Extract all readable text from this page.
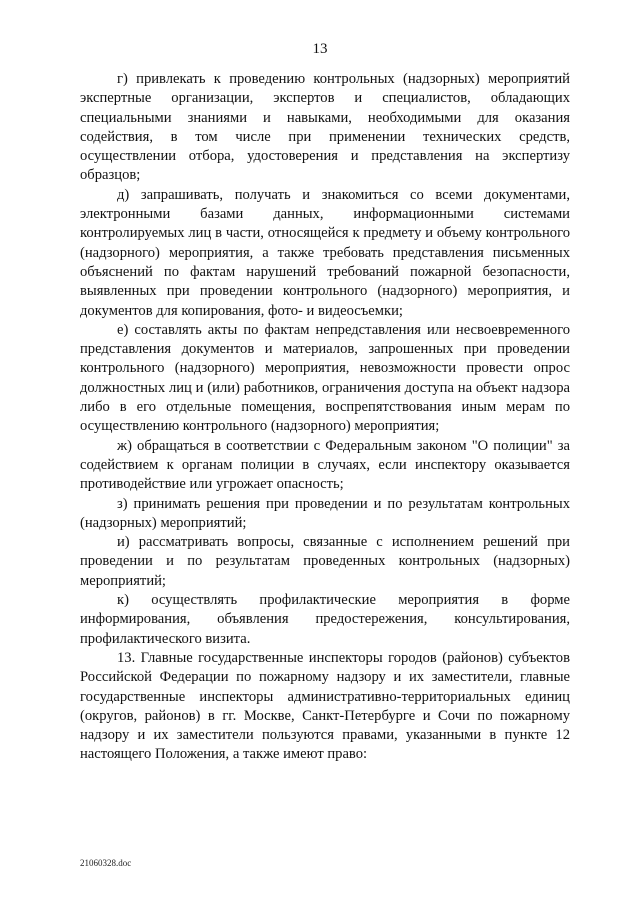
13

г) привлекать к проведению контрольных (надзорных) мероприятий экспертные организации, экспертов и специалистов, обладающих специальными знаниями и навыками, необходимыми для оказания содействия, в том числе при применении технических средств, осуществлении отбора, удостоверения и представления на экспертизу образцов;

д) запрашивать, получать и знакомиться со всеми документами, электронными базами данных, информационными системами контролируемых лиц в части, относящейся к предмету и объему контрольного (надзорного) мероприятия, а также требовать представления письменных объяснений по фактам нарушений требований пожарной безопасности, выявленных при проведении контрольного (надзорного) мероприятия, и документов для копирования, фото- и видеосъемки;

е) составлять акты по фактам непредставления или несвоевременного представления документов и материалов, запрошенных при проведении контрольного (надзорного) мероприятия, невозможности провести опрос должностных лиц и (или) работников, ограничения доступа на объект надзора либо в его отдельные помещения, воспрепятствования иным мерам по осуществлению контрольного (надзорного) мероприятия;

ж) обращаться в соответствии с Федеральным законом "О полиции" за содействием к органам полиции в случаях, если инспектору оказывается противодействие или угрожает опасность;

з) принимать решения при проведении и по результатам контрольных (надзорных) мероприятий;

и) рассматривать вопросы, связанные с исполнением решений при проведении и по результатам проведенных контрольных (надзорных) мероприятий;

к) осуществлять профилактические мероприятия в форме информирования, объявления предостережения, консультирования, профилактического визита.

13. Главные государственные инспекторы городов (районов) субъектов Российской Федерации по пожарному надзору и их заместители, главные государственные инспекторы административно-территориальных единиц (округов, районов) в гг. Москве, Санкт-Петербурге и Сочи по пожарному надзору и их заместители пользуются правами, указанными в пункте 12 настоящего Положения, а также имеют право:

21060328.doc
